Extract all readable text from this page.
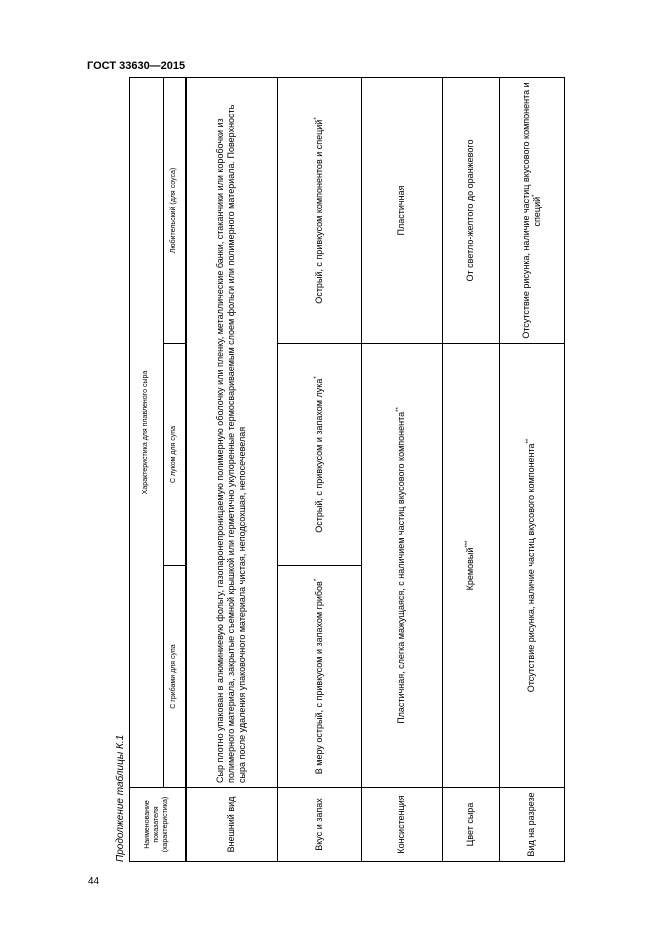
ГОСТ 33630—2015
44
Продолжение таблицы К.1	Наименование показателя (характеристика)	Характеристика для плавленого сыра		
	С грибами для супа	С луком для супа	Любительский (для соуса)
Внешний вид	Сыр плотно упакован в алюминиевую фольгу, газопаронепроницаемую полимерную оболочку или пленку, металлические банки, стаканчики или коробочки из полимерного материала, закрытые съемной крышкой или герметично укупоренные термосвариваемым слоем фольги или полимерного материала. Поверхность сыра после удаления упаковочного материала чистая, неподсохшая, непосечевелая		
Вкус и запах	В меру острый, с привкусом и запахом грибов*	Острый, с привкусом и запахом лука*	Острый, с привкусом компонентов и специй*
Консистенция	Пластичная, слегка мажущаяся, с наличием частиц вкусового компонента**		Пластичная
Цвет сыра	Кремовый***		От светло-желтого до оранжевого
Вид на разрезе	Отсутствие рисунка, наличие частиц вкусового компонента**		Отсутствие рисунка, наличие частиц вкусового компонента и специй*
